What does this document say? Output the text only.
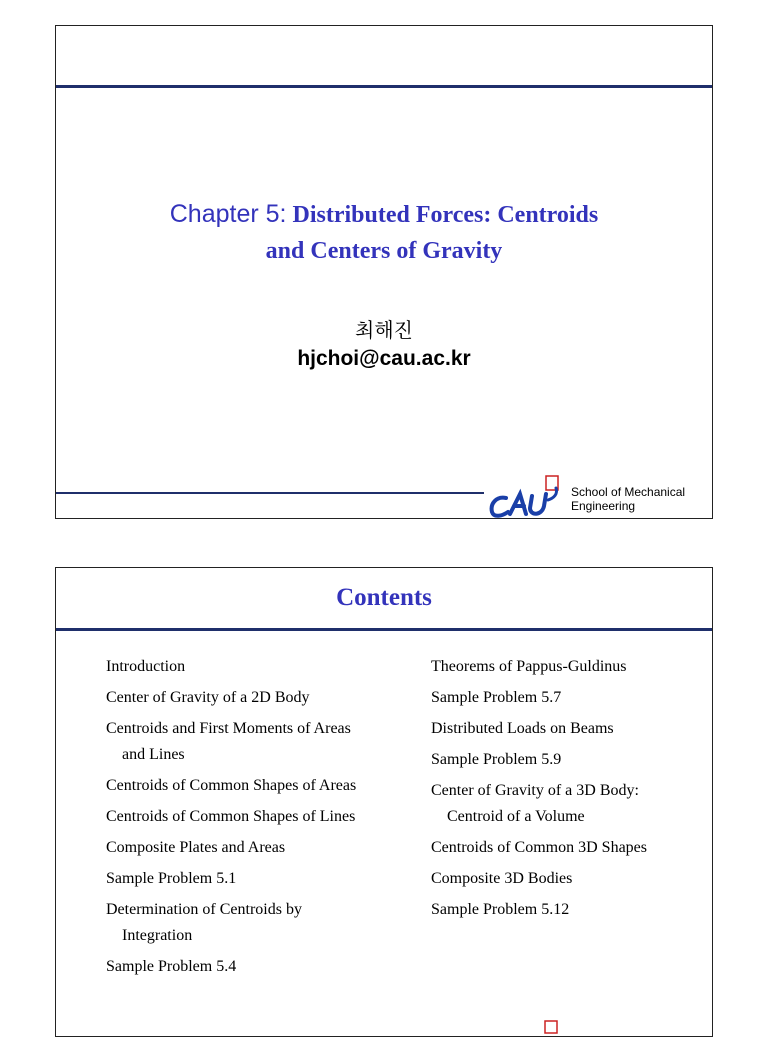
Chapter 5: Distributed Forces: Centroids
and Centers of Gravity
최해진
hjchoi@cau.ac.kr
School of Mechanical
Engineering
Contents
Introduction
Center of Gravity of a 2D Body
Centroids and First Moments of Areas
and Lines
Centroids of Common Shapes of Areas
Centroids of Common Shapes of Lines
Composite Plates and Areas
Sample Problem 5.1
Determination of Centroids by
Integration
Sample Problem 5.4
Theorems of Pappus-Guldinus
Sample Problem 5.7
Distributed Loads on Beams
Sample Problem 5.9
Center of Gravity of a 3D Body:
Centroid of a Volume
Centroids of Common 3D Shapes
Composite 3D Bodies
Sample Problem 5.12
